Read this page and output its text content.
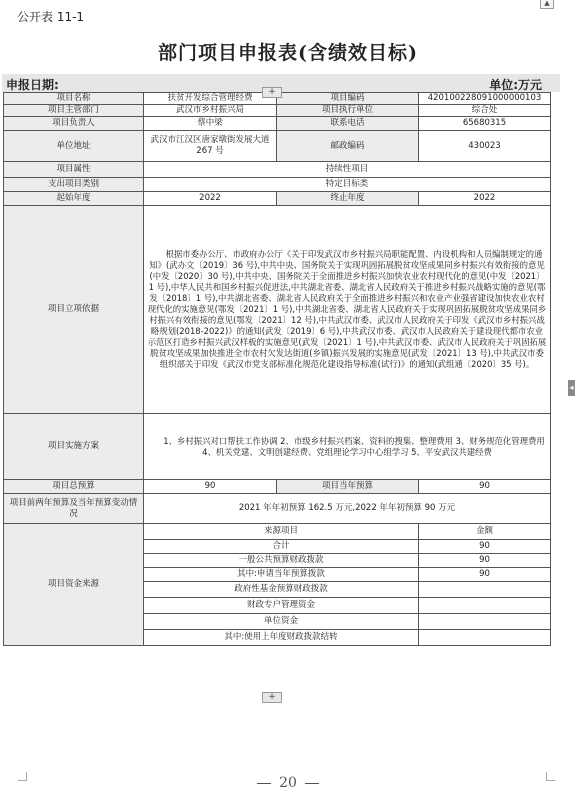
公开表 11-1
▲
部门项目申报表(含绩效目标)
申报日期:	单位:万元
项目名称	扶贫开发综合管理经费	项目编码	420100228091000000103
项目主管部门	武汉市乡村振兴局	项目执行单位	综合处
项目负责人	蔡中梁	联系电话	65680315
单位地址	武汉市江汉区唐家墩街发展大道 267 号	邮政编码	430023
项目属性	持续性项目		
支出项目类别	特定目标类		
起始年度	2022	终止年度	2022
项目立项依据	根据市委办公厅、市政府办公厅《关于印发武汉市乡村振兴局职能配置、内设机构和人员编制规定的通知》(武办文〔2019〕36 号),中共中央、国务院关于实现巩固拓展脱贫攻坚成果同乡村振兴有效衔接的意见(中发〔2020〕30 号),中共中央、国务院关于全面推进乡村振兴加快农业农村现代化的意见(中发〔2021〕1 号),中华人民共和国乡村振兴促进法,中共湖北省委、湖北省人民政府关于推进乡村振兴战略实施的意见(鄂发〔2018〕1 号),中共湖北省委、湖北省人民政府关于全面推进乡村振兴和农业产业强省建设加快农业农村现代化的实施意见(鄂发〔2021〕1 号),中共湖北省委、湖北省人民政府关于实现巩固拓展脱贫攻坚成果同乡村振兴有效衔接的意见(鄂发〔2021〕12 号),中共武汉市委、武汉市人民政府关于印发《武汉市乡村振兴战略规划(2018-2022)》的通知(武发〔2019〕6 号),中共武汉市委、武汉市人民政府关于建设现代都市农业示范区打造乡村振兴武汉样板的实施意见(武发〔2021〕1 号),中共武汉市委、武汉市人民政府关于巩固拓展脱贫攻坚成果加快推进全市农村欠发达街道(乡镇)振兴发展的实施意见(武发〔2021〕13 号),中共武汉市委组织部关于印发《武汉市党支部标准化规范化建设指导标准(试行)》的通知(武组通〔2020〕35 号)。		
项目实施方案	1、乡村振兴对口帮扶工作协调 2、市级乡村振兴档案、资料的搜集、整理费用 3、财务规范化管理费用 4、机关党建、文明创建经费、党组理论学习中心组学习 5、平安武汉共建经费		
项目总预算	90	项目当年预算	90
项目前两年预算及当年预算变动情况	2021 年年初预算 162.5 万元,2022 年年初预算 90 万元		
项目资金来源	来源项目		金额
	合计		90
	一般公共预算财政拨款		90
	其中:申请当年预算拨款		90
	政府性基金预算财政拨款		
	财政专户管理资金		
	单位资金		
	其中:使用上年度财政拨款结转		
+
+
◂
20
